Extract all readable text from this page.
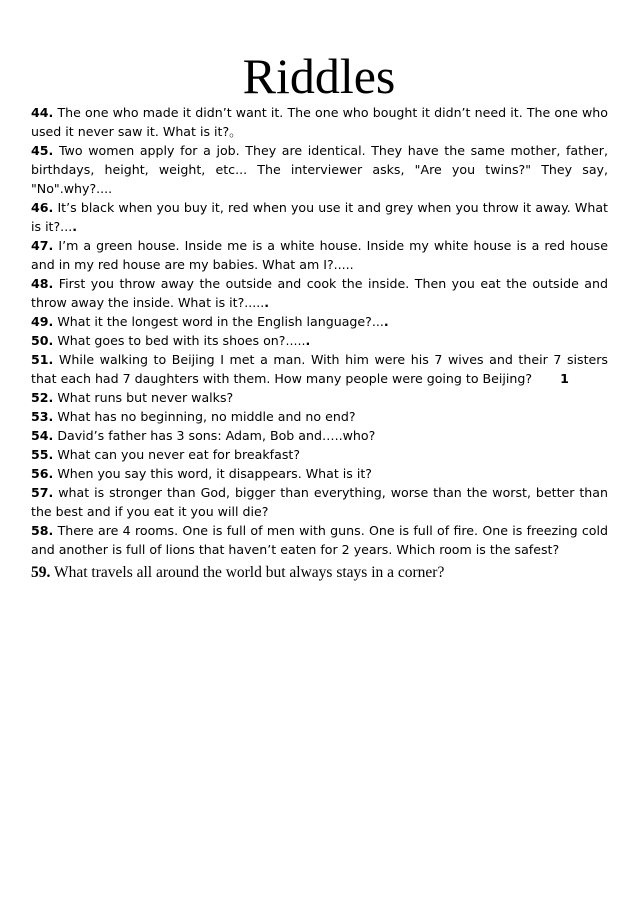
Riddles
44. The one who made it didn’t want it. The one who bought it didn’t need it. The one who used it never saw it. What is it?。
45. Two women apply for a job. They are identical. They have the same mother, father, birthdays, height, weight, etc... The interviewer asks, "Are you twins?" They say, "No".why?....
46. It’s black when you buy it, red when you use it and grey when you throw it away. What is it?....
47. I’m a green house. Inside me is a white house. Inside my white house is a red house and in my red house are my babies. What am I?.....
48. First you throw away the outside and cook the inside. Then you eat the outside and throw away the inside. What is it?......
49. What it the longest word in the English language?....
50. What goes to bed with its shoes on?......
51. While walking to Beijing I met a man. With him were his 7 wives and their 7 sisters that each had 7 daughters with them. How many people were going to Beijing? 1
52. What runs but never walks?
53. What has no beginning, no middle and no end?
54. David’s father has 3 sons: Adam, Bob and…..who?
55. What can you never eat for breakfast?
56. When you say this word, it disappears. What is it?
57. what is stronger than God, bigger than everything, worse than the worst, better than the best and if you eat it you will die?
58. There are 4 rooms. One is full of men with guns. One is full of fire. One is freezing cold and another is full of lions that haven’t eaten for 2 years. Which room is the safest?
59. What travels all around the world but always stays in a corner?
